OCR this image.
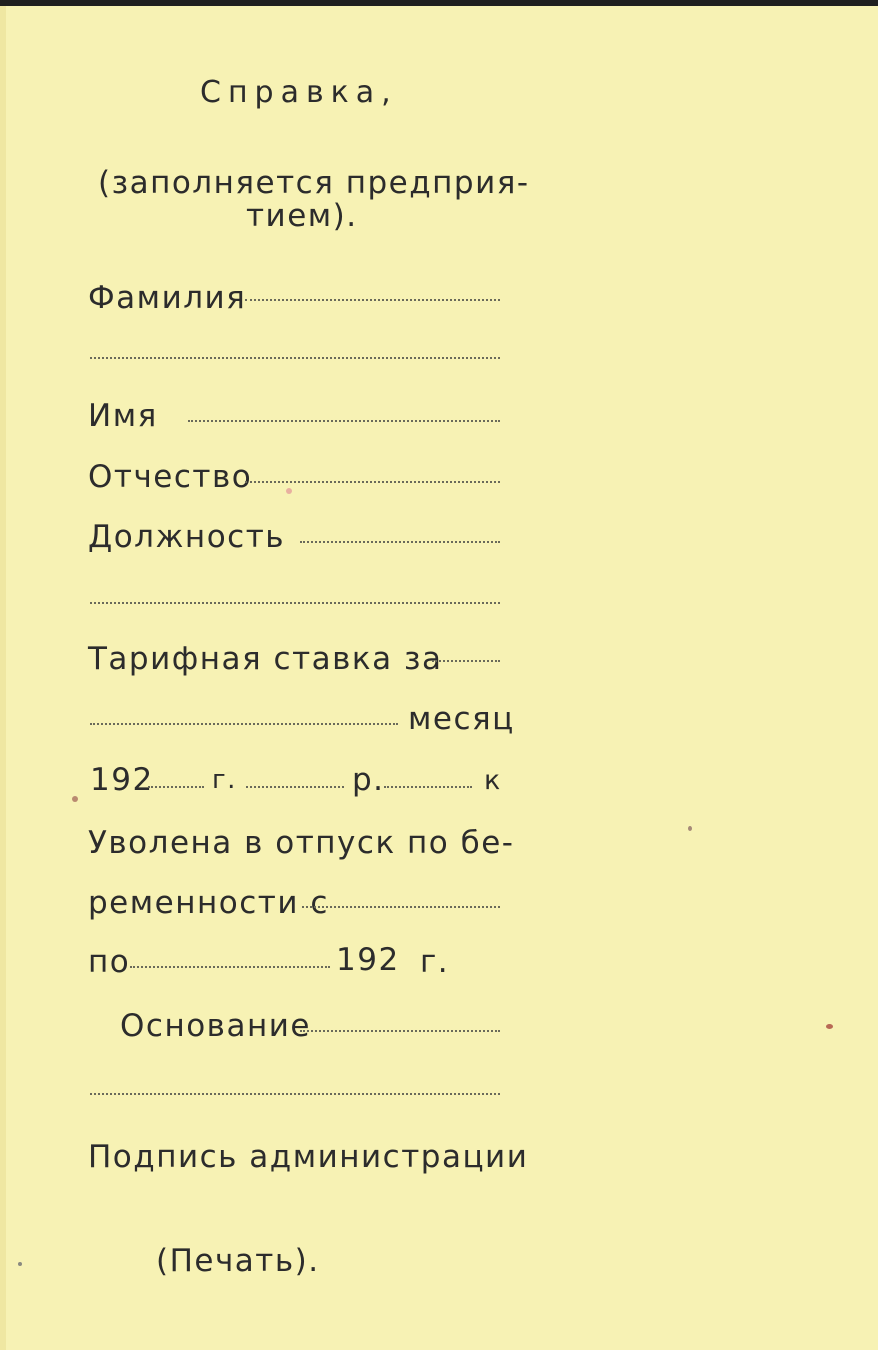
Справка,
(заполняется предприя-
тием).
Фамилия
Имя
Отчество
Должность
Тарифная ставка за
месяц
192 г.	р.	к
Уволена в отпуск по бе-
ременности с
по	192 г.
Основание
Подпись администрации
(Печать).
